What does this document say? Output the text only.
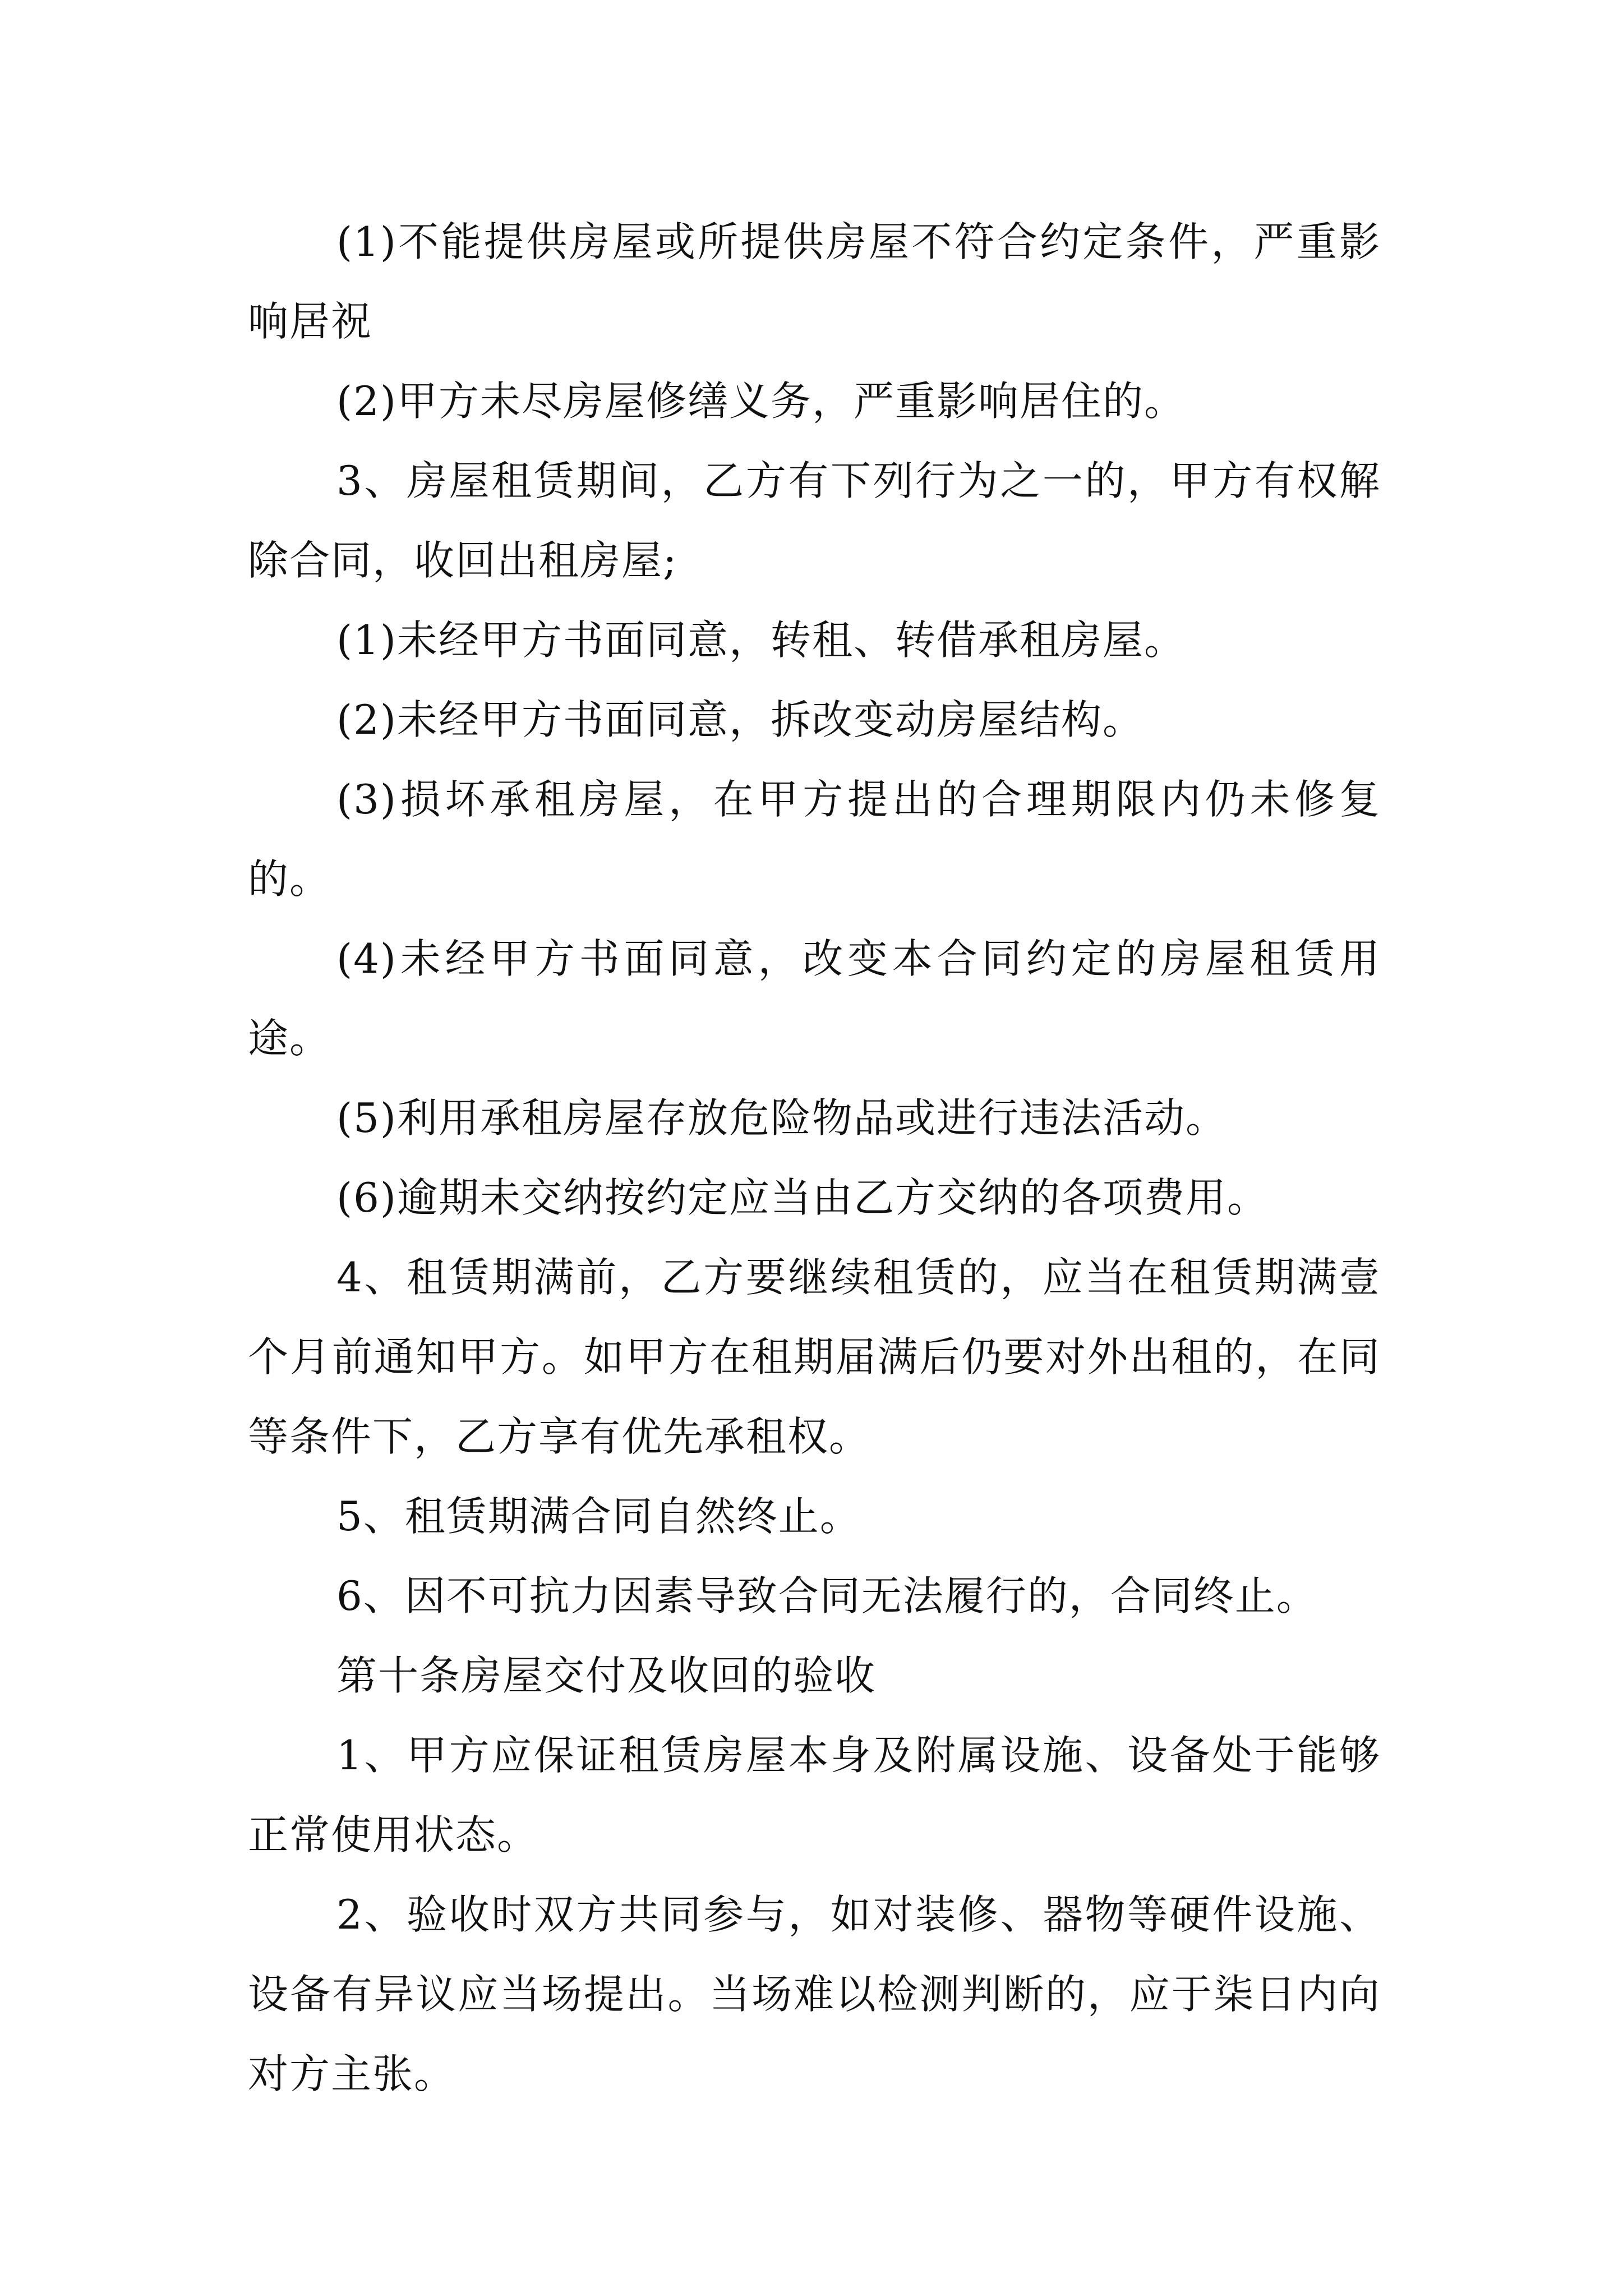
(1)不能提供房屋或所提供房屋不符合约定条件，严重影响居祝

(2)甲方未尽房屋修缮义务，严重影响居住的。

3、房屋租赁期间，乙方有下列行为之一的，甲方有权解除合同，收回出租房屋;

(1)未经甲方书面同意，转租、转借承租房屋。

(2)未经甲方书面同意，拆改变动房屋结构。

(3)损坏承租房屋，在甲方提出的合理期限内仍未修复的。

(4)未经甲方书面同意，改变本合同约定的房屋租赁用途。

(5)利用承租房屋存放危险物品或进行违法活动。

(6)逾期未交纳按约定应当由乙方交纳的各项费用。

4、租赁期满前，乙方要继续租赁的，应当在租赁期满壹个月前通知甲方。如甲方在租期届满后仍要对外出租的，在同等条件下，乙方享有优先承租权。

5、租赁期满合同自然终止。

6、因不可抗力因素导致合同无法履行的，合同终止。

第十条房屋交付及收回的验收

1、甲方应保证租赁房屋本身及附属设施、设备处于能够正常使用状态。

2、验收时双方共同参与，如对装修、器物等硬件设施、设备有异议应当场提出。当场难以检测判断的，应于柒日内向对方主张。
